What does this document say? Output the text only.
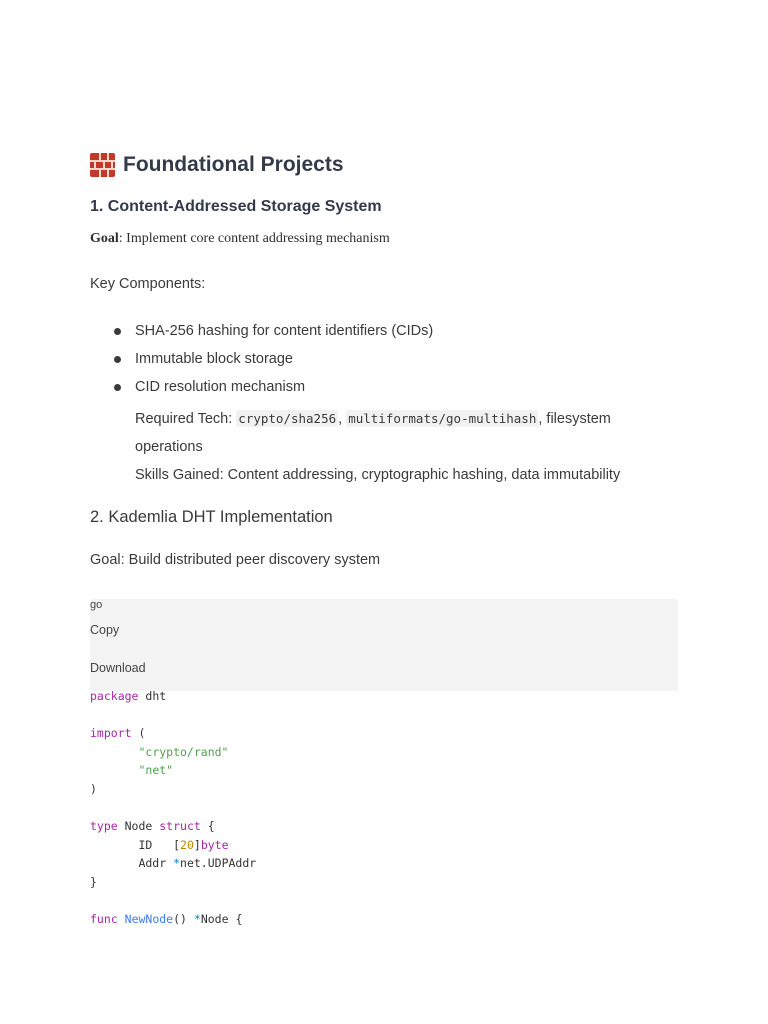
Foundational Projects
1. Content-Addressed Storage System
Goal: Implement core content addressing mechanism
Key Components:
SHA-256 hashing for content identifiers (CIDs)
Immutable block storage
CID resolution mechanism
Required Tech: crypto/sha256 , multiformats/go-multihash , filesystem operations
Skills Gained: Content addressing, cryptographic hashing, data immutability
2. Kademlia DHT Implementation
Goal: Build distributed peer discovery system
go
Copy
Download
package dht

import (
"crypto/rand"
"net"
)

type Node struct {
ID   [20]byte
Addr *net.UDPAddr
}

func NewNode() *Node {
